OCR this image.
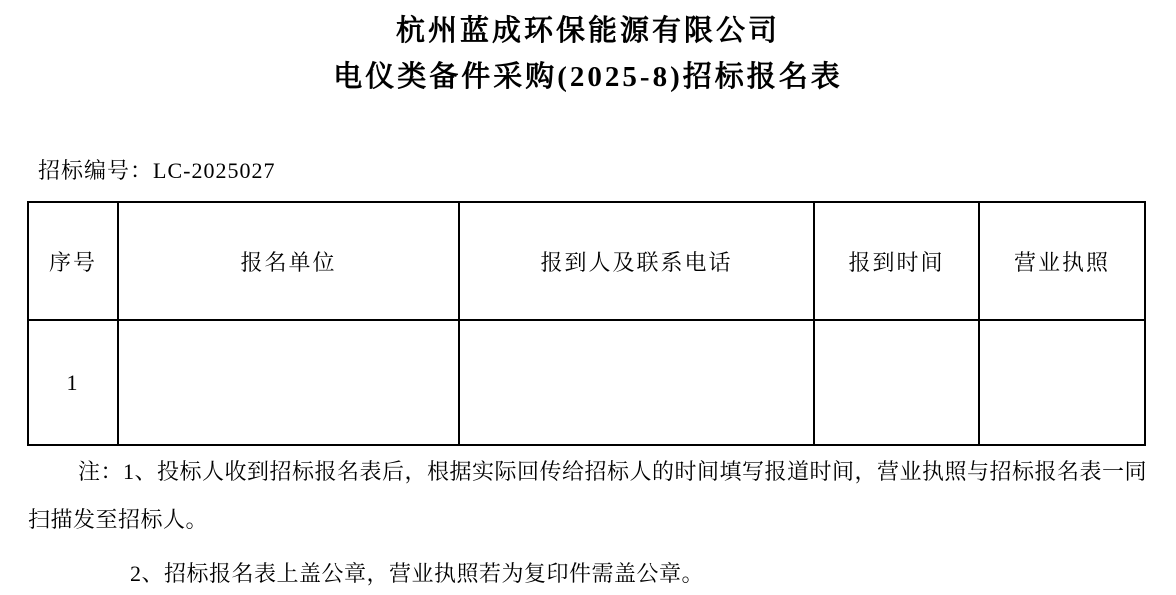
杭州蓝成环保能源有限公司
电仪类备件采购(2025-8)招标报名表
招标编号：LC-2025027
序号	报名单位	报到人及联系电话	报到时间	营业执照
1				
注：1、投标人收到招标报名表后，根据实际回传给招标人的时间填写报道时间，营业执照与招标报名表一同
扫描发至招标人。
2、招标报名表上盖公章，营业执照若为复印件需盖公章。
